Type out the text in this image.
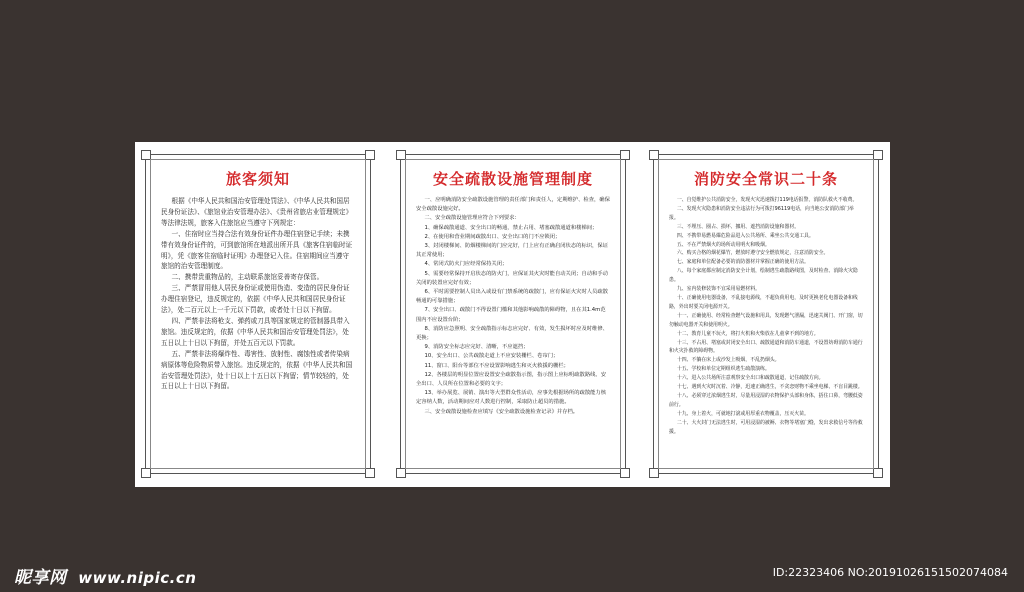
旅客须知

根据《中华人民共和国治安管理处罚法》、《中华人民共和国居民身份证法》、《旅馆业治安管理办法》、《贵州省旅店业管理规定》等法律法规，旅客入住旅馆应当遵守下列规定：

一、住宿时应当持合法有效身份证件办理住宿登记手续；未携带有效身份证件的，可到旅馆所在地派出所开具《旅客住宿临时证明》，凭《旅客住宿临时证明》办理登记入住。住宿期间应当遵守旅馆的治安管理制度。

二、携带贵重物品的，主动联系旅馆妥善寄存保管。

三、严禁冒用他人居民身份证或使用伪造、变造的居民身份证办理住宿登记，违反规定的，依据《中华人民共和国居民身份证法》，处二百元以上一千元以下罚款，或者处十日以下拘留。

四、严禁非法将枪支、弹药或刀具等国家规定的管制器具带入旅馆。违反规定的，依据《中华人民共和国治安管理处罚法》，处五日以上十日以下拘留，并处五百元以下罚款。

五、严禁非法将爆炸性、毒害性、放射性、腐蚀性或者传染病病原体等危险物质带入旅馆。违反规定的，依据《中华人民共和国治安管理处罚法》，处十日以上十五日以下拘留；情节较轻的，处五日以上十日以下拘留。

安全疏散设施管理制度

一、应明确消防安全疏散设施管理的责任部门和责任人，定期维护、检查，确保安全疏散设施完好。

二、安全疏散设施管理应符合下列要求：

1、确保疏散通道、安全出口的畅通，禁止占用、堵塞疏散通道和楼梯间；

2、在使用和营业期间疏散出口、安全出口的门不应锁闭；

3、封闭楼梯间、防烟楼梯间的门应完好，门上应有正确启闭状态的标识，保证其正常使用；

4、常闭式防火门应经常保持关闭；

5、需要经常保持开启状态的防火门，应保证其火灾时能自动关闭；自动和手动关闭的装置应完好有效；

6、平时需要控制人员出入或设有门禁系统的疏散门，应有保证火灾时人员疏散畅通的可靠措施；

7、安全出口、疏散门不得设置门槛和其他影响疏散的障碍物，且在其1.4m范围内不应设置台阶；

8、消防应急照明、安全疏散指示标志应完好、有效，发生损坏时应及时维修、更换；

9、消防安全标志应完好、清晰，不应遮挡；

10、安全出口、公共疏散走道上不应安装栅栏、卷帘门；

11、窗口、阳台等部位不应设置影响逃生和灭火救援的栅栏；

12、各楼层的明显位置应设置安全疏散指示图，指示图上应标明疏散路线、安全出口、人员所在位置和必要的文字；

13、举办展览、展销、演出等大型群众性活动，应事先根据场所的疏散能力核定容纳人数，活动期间应对人数进行控制，采取防止超员的措施。

三、安全疏散设施检查应填写《安全疏散设施检查记录》并存档。

消防安全常识二十条

一、自觉维护公共消防安全，发现火灾迅速拨打119电话报警，消防队救火不收费。

二、发现火灾隐患和消防安全违法行为可拨打96119电话，向当地公安消防部门举报。

三、不埋压、圈占、损坏、挪用、遮挡消防设施和器材。

四、不携带易燃易爆危险品进入公共场所、乘坐公共交通工具。

五、不在严禁烟火的场所动用明火和吸烟。

六、购买合格的烟花爆竹，燃放时遵守安全燃放规定，注意消防安全。

七、家庭和单位配备必要的消防器材并掌握正确的使用方法。

八、每个家庭都应制定消防安全计划，绘制逃生疏散路线图，及时检查、消除火灾隐患。

九、室内装修装饰不宜采用易燃材料。

十、正确使用电器设备，不乱接电源线，不超负荷用电，及时更换老化电器设备和线路，外出时要关闭电源开关。

十一、正确使用、经常检查燃气设施和用具，发现燃气泄漏，迅速关阀门、开门窗，切勿触动电器开关和使用明火。

十二、教育儿童不玩火，将打火机和火柴放在儿童拿不到的地方。

十三、不占用、堵塞或封闭安全出口、疏散通道和消防车通道，不设置妨碍消防车通行和火灾扑救的障碍物。

十四、不躺在床上或沙发上吸烟，不乱扔烟头。

十五、学校和单位定期组织逃生疏散演练。

十六、进入公共场所注意观察安全出口和疏散通道，记住疏散方向。

十七、遇到火灾时沉着、冷静，迅速正确逃生，不贪恋财物不乘坐电梯、不盲目跳楼。

十八、必须穿过浓烟逃生时，尽量用浸湿的衣物保护头部和身体，捂住口鼻，弯腰低姿前行。

十九、身上着火，可就地打滚或用厚重衣物覆盖，压灭火苗。

二十、大火封门无法逃生时，可用浸湿的被褥、衣物等堵塞门缝，发出求救信号等待救援。

昵享网 www.nipic.cn	ID:22323406 NO:20191026151502074084
